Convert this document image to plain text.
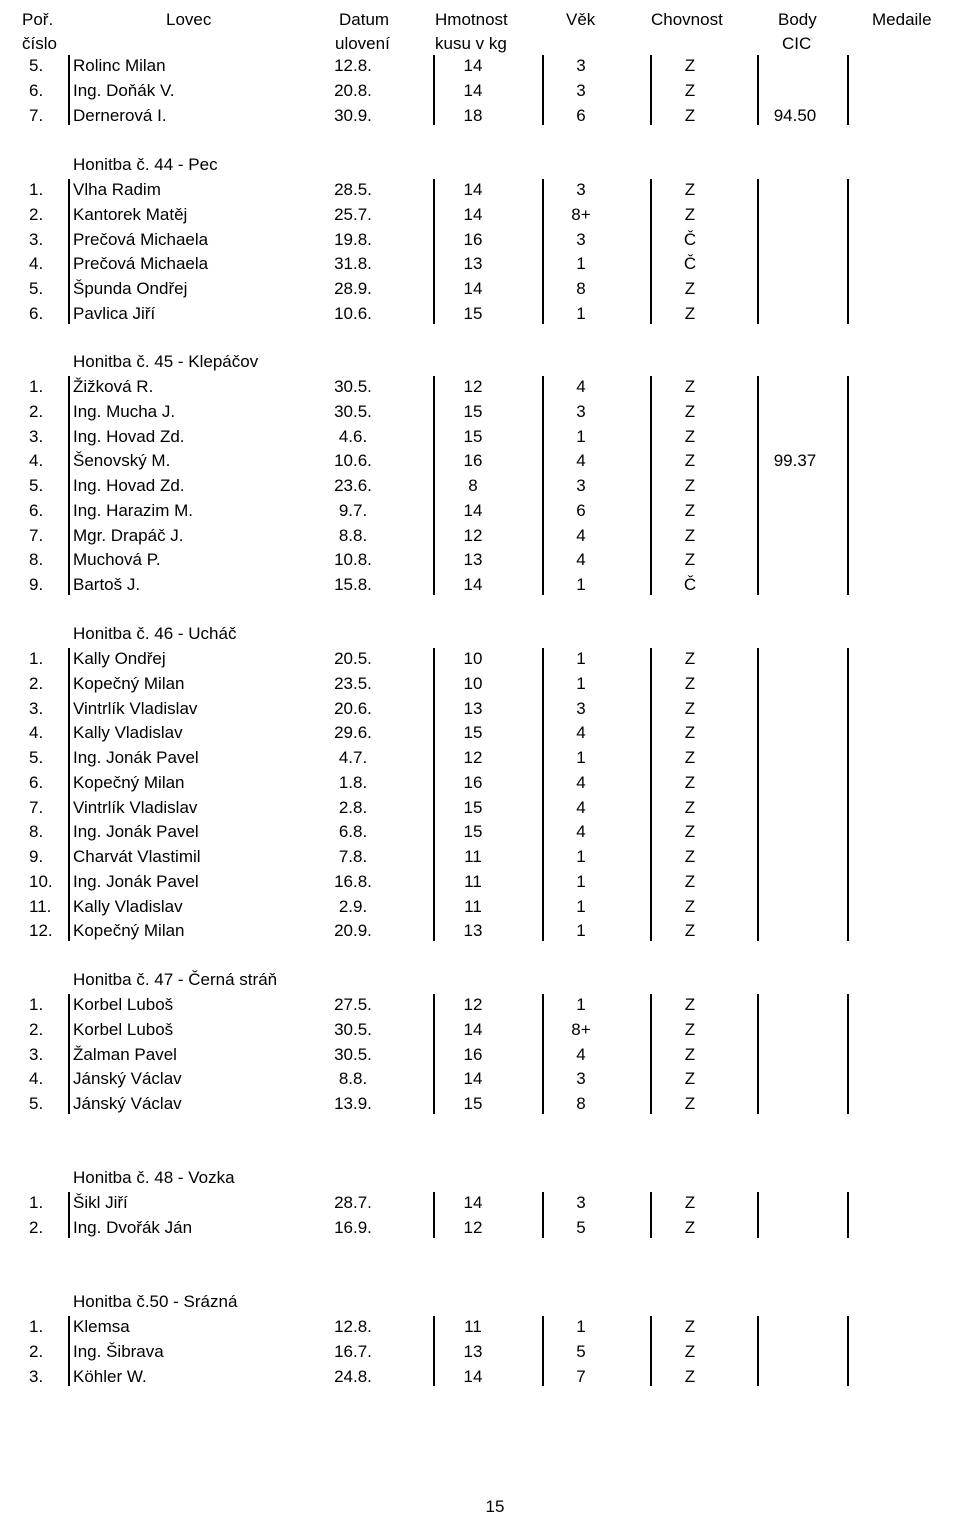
Poř.	Lovec	Datum	Hmotnost	Věk	Chovnost	Body	Medaile
číslo	ulovení	kusu v kg	CIC
5. Rolinc Milan	12.8.	14	3	Z
6. Ing. Doňák V.	20.8.	14	3	Z
7. Dernerová I.	30.9.	18	6	Z	94.50
Honitba č. 44 - Pec
1. Vlha Radim	28.5.	14	3	Z
2. Kantorek Matěj	25.7.	14	8+	Z
3. Prečová Michaela	19.8.	16	3	Č
4. Prečová Michaela	31.8.	13	1	Č
5. Špunda Ondřej	28.9.	14	8	Z
6. Pavlica Jiří	10.6.	15	1	Z
Honitba č. 45 - Klepáčov
1. Žižková R.	30.5.	12	4	Z
2. Ing. Mucha J.	30.5.	15	3	Z
3. Ing. Hovad Zd.	4.6.	15	1	Z
4. Šenovský M.	10.6.	16	4	Z	99.37
5. Ing. Hovad Zd.	23.6.	8	3	Z
6. Ing. Harazim M.	9.7.	14	6	Z
7. Mgr. Drapáč J.	8.8.	12	4	Z
8. Muchová P.	10.8.	13	4	Z
9. Bartoš J.	15.8.	14	1	Č
Honitba č. 46 - Ucháč
1. Kally Ondřej	20.5.	10	1	Z
2. Kopečný Milan	23.5.	10	1	Z
3. Vintrlík Vladislav	20.6.	13	3	Z
4. Kally Vladislav	29.6.	15	4	Z
5. Ing. Jonák Pavel	4.7.	12	1	Z
6. Kopečný Milan	1.8.	16	4	Z
7. Vintrlík Vladislav	2.8.	15	4	Z
8. Ing. Jonák Pavel	6.8.	15	4	Z
9. Charvát Vlastimil	7.8.	11	1	Z
10. Ing. Jonák Pavel	16.8.	11	1	Z
11. Kally Vladislav	2.9.	11	1	Z
12. Kopečný Milan	20.9.	13	1	Z
Honitba č. 47 - Černá stráň
1. Korbel Luboš	27.5.	12	1	Z
2. Korbel Luboš	30.5.	14	8+	Z
3. Žalman Pavel	30.5.	16	4	Z
4. Jánský Václav	8.8.	14	3	Z
5. Jánský Václav	13.9.	15	8	Z
Honitba č. 48 - Vozka
1. Šikl Jiří	28.7.	14	3	Z
2. Ing. Dvořák Ján	16.9.	12	5	Z
Honitba č.50 - Srázná
1. Klemsa	12.8.	11	1	Z
2. Ing. Šibrava	16.7.	13	5	Z
3. Köhler W.	24.8.	14	7	Z
15
